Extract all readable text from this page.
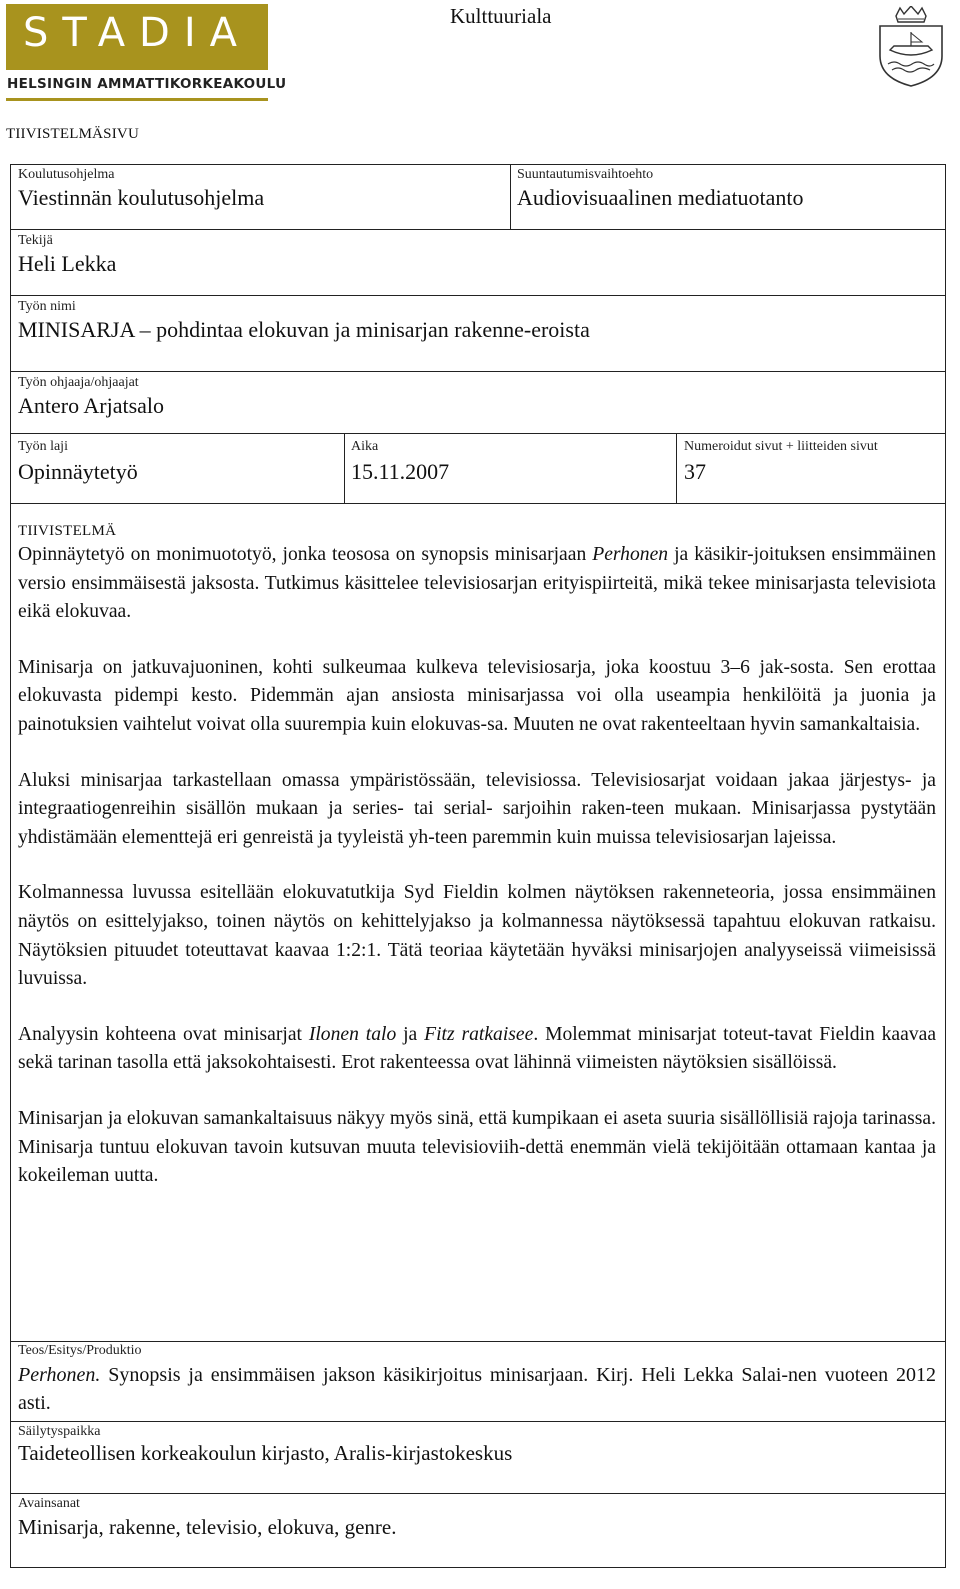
STADIA
HELSINGIN AMMATTIKORKEAKOULU
Kulttuuriala
TIIVISTELMÄSIVU
Koulutusohjelma
Viestinnän koulutusohjelma
Suuntautumisvaihtoehto
Audiovisuaalinen mediatuotanto
Tekijä
Heli Lekka
Työn nimi
MINISARJA – pohdintaa elokuvan ja minisarjan rakenne-eroista
Työn ohjaaja/ohjaajat
Antero Arjatsalo
Työn laji
Opinnäytetyö
Aika
15.11.2007
Numeroidut sivut + liitteiden sivut
37
TIIVISTELMÄ

Opinnäytetyö on monimuototyö, jonka teososa on synopsis minisarjaan Perhonen ja käsikir-joituksen ensimmäinen versio ensimmäisestä jaksosta. Tutkimus käsittelee televisiosarjan erityispiirteitä, mikä tekee minisarjasta televisiota eikä elokuvaa.

Minisarja on jatkuvajuoninen, kohti sulkeumaa kulkeva televisiosarja, joka koostuu 3–6 jak-sosta. Sen erottaa elokuvasta pidempi kesto. Pidemmän ajan ansiosta minisarjassa voi olla useampia henkilöitä ja juonia ja painotuksien vaihtelut voivat olla suurempia kuin elokuvas-sa. Muuten ne ovat rakenteeltaan hyvin samankaltaisia.

Aluksi minisarjaa tarkastellaan omassa ympäristössään, televisiossa. Televisiosarjat voidaan jakaa järjestys- ja integraatiogenreihin sisällön mukaan ja series- tai serial- sarjoihin raken-teen mukaan. Minisarjassa pystytään yhdistämään elementtejä eri genreistä ja tyyleistä yh-teen paremmin kuin muissa televisiosarjan lajeissa.

Kolmannessa luvussa esitellään elokuvatutkija Syd Fieldin kolmen näytöksen rakenneteoria, jossa ensimmäinen näytös on esittelyjakso, toinen näytös on kehittelyjakso ja kolmannessa näytöksessä tapahtuu elokuvan ratkaisu. Näytöksien pituudet toteuttavat kaavaa 1:2:1. Tätä teoriaa käytetään hyväksi minisarjojen analyyseissä viimeisissä luvuissa.

Analyysin kohteena ovat minisarjat Ilonen talo ja Fitz ratkaisee. Molemmat minisarjat toteut-tavat Fieldin kaavaa sekä tarinan tasolla että jaksokohtaisesti. Erot rakenteessa ovat lähinnä viimeisten näytöksien sisällöissä.

Minisarjan ja elokuvan samankaltaisuus näkyy myös sinä, että kumpikaan ei aseta suuria sisällöllisiä rajoja tarinassa. Minisarja tuntuu elokuvan tavoin kutsuvan muuta televisioviih-dettä enemmän vielä tekijöitään ottamaan kantaa ja kokeileman uutta.

Teos/Esitys/Produktio
Perhonen. Synopsis ja ensimmäisen jakson käsikirjoitus minisarjaan. Kirj. Heli Lekka Salai-nen vuoteen 2012 asti.
Säilytyspaikka
Taideteollisen korkeakoulun kirjasto, Aralis-kirjastokeskus
Avainsanat
Minisarja, rakenne, televisio, elokuva, genre.
